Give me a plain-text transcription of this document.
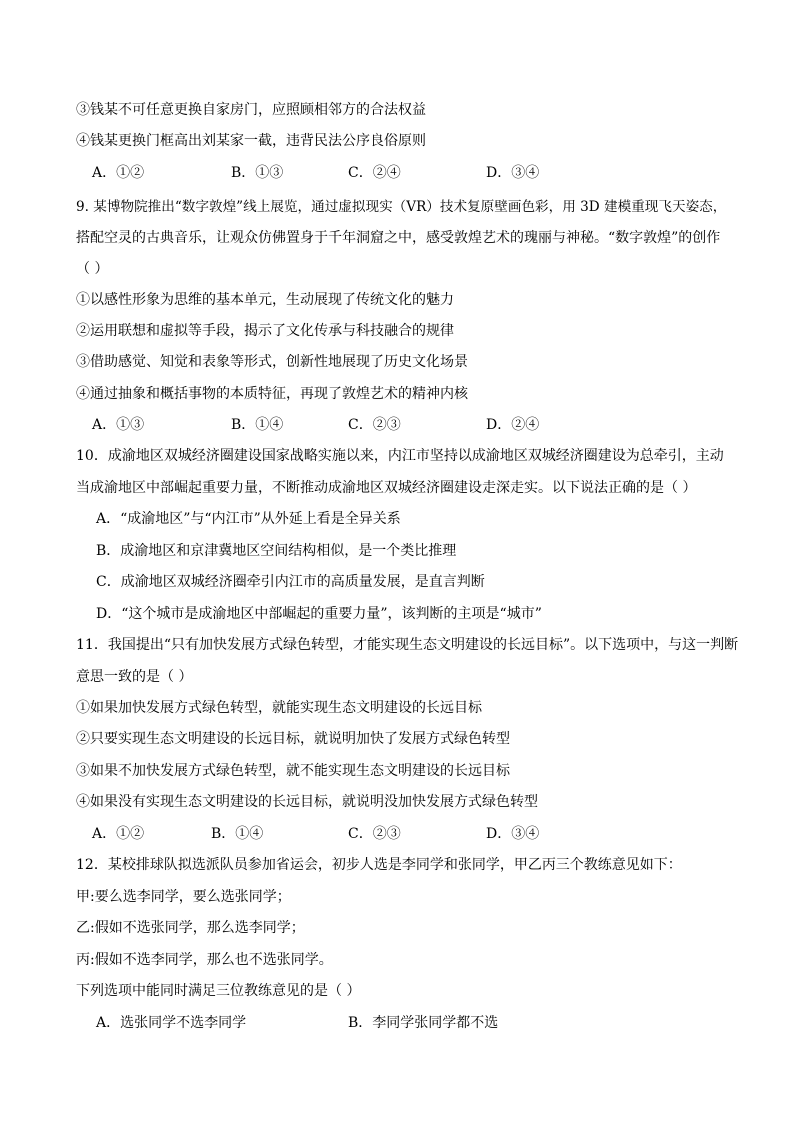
③钱某不可任意更换自家房门，应照顾相邻方的合法权益
④钱某更换门框高出刘某家一截，违背民法公序良俗原则
A．①②	B．①③	C．②④	D．③④
9. 某博物院推出“数字敦煌”线上展览，通过虚拟现实（VR）技术复原壁画色彩，用 3D 建模重现飞天姿态，
搭配空灵的古典音乐，让观众仿佛置身于千年洞窟之中，感受敦煌艺术的瑰丽与神秘。“数字敦煌”的创作
（ ）
①以感性形象为思维的基本单元，生动展现了传统文化的魅力
②运用联想和虚拟等手段，揭示了文化传承与科技融合的规律
③借助感觉、知觉和表象等形式，创新性地展现了历史文化场景
④通过抽象和概括事物的本质特征，再现了敦煌艺术的精神内核
A．①③	B．①④	C．②③	D．②④
10．成渝地区双城经济圈建设国家战略实施以来，内江市坚持以成渝地区双城经济圈建设为总牵引，主动
当成渝地区中部崛起重要力量，不断推动成渝地区双城经济圈建设走深走实。以下说法正确的是（ ）
A．“成渝地区”与“内江市”从外延上看是全异关系
B．成渝地区和京津冀地区空间结构相似，是一个类比推理
C．成渝地区双城经济圈牵引内江市的高质量发展，是直言判断
D．“这个城市是成渝地区中部崛起的重要力量”，该判断的主项是“城市”
11．我国提出“只有加快发展方式绿色转型，才能实现生态文明建设的长远目标”。以下选项中，与这一判断
意思一致的是（ ）
①如果加快发展方式绿色转型，就能实现生态文明建设的长远目标
②只要实现生态文明建设的长远目标，就说明加快了发展方式绿色转型
③如果不加快发展方式绿色转型，就不能实现生态文明建设的长远目标
④如果没有实现生态文明建设的长远目标，就说明没加快发展方式绿色转型
A．①②	B．①④	C．②③	D．③④
12．某校排球队拟选派队员参加省运会，初步人选是李同学和张同学，甲乙丙三个教练意见如下：
甲:要么选李同学，要么选张同学；
乙:假如不选张同学，那么选李同学；
丙:假如不选李同学，那么也不选张同学。
下列选项中能同时满足三位教练意见的是（ ）
A．选张同学不选李同学	B．李同学张同学都不选
